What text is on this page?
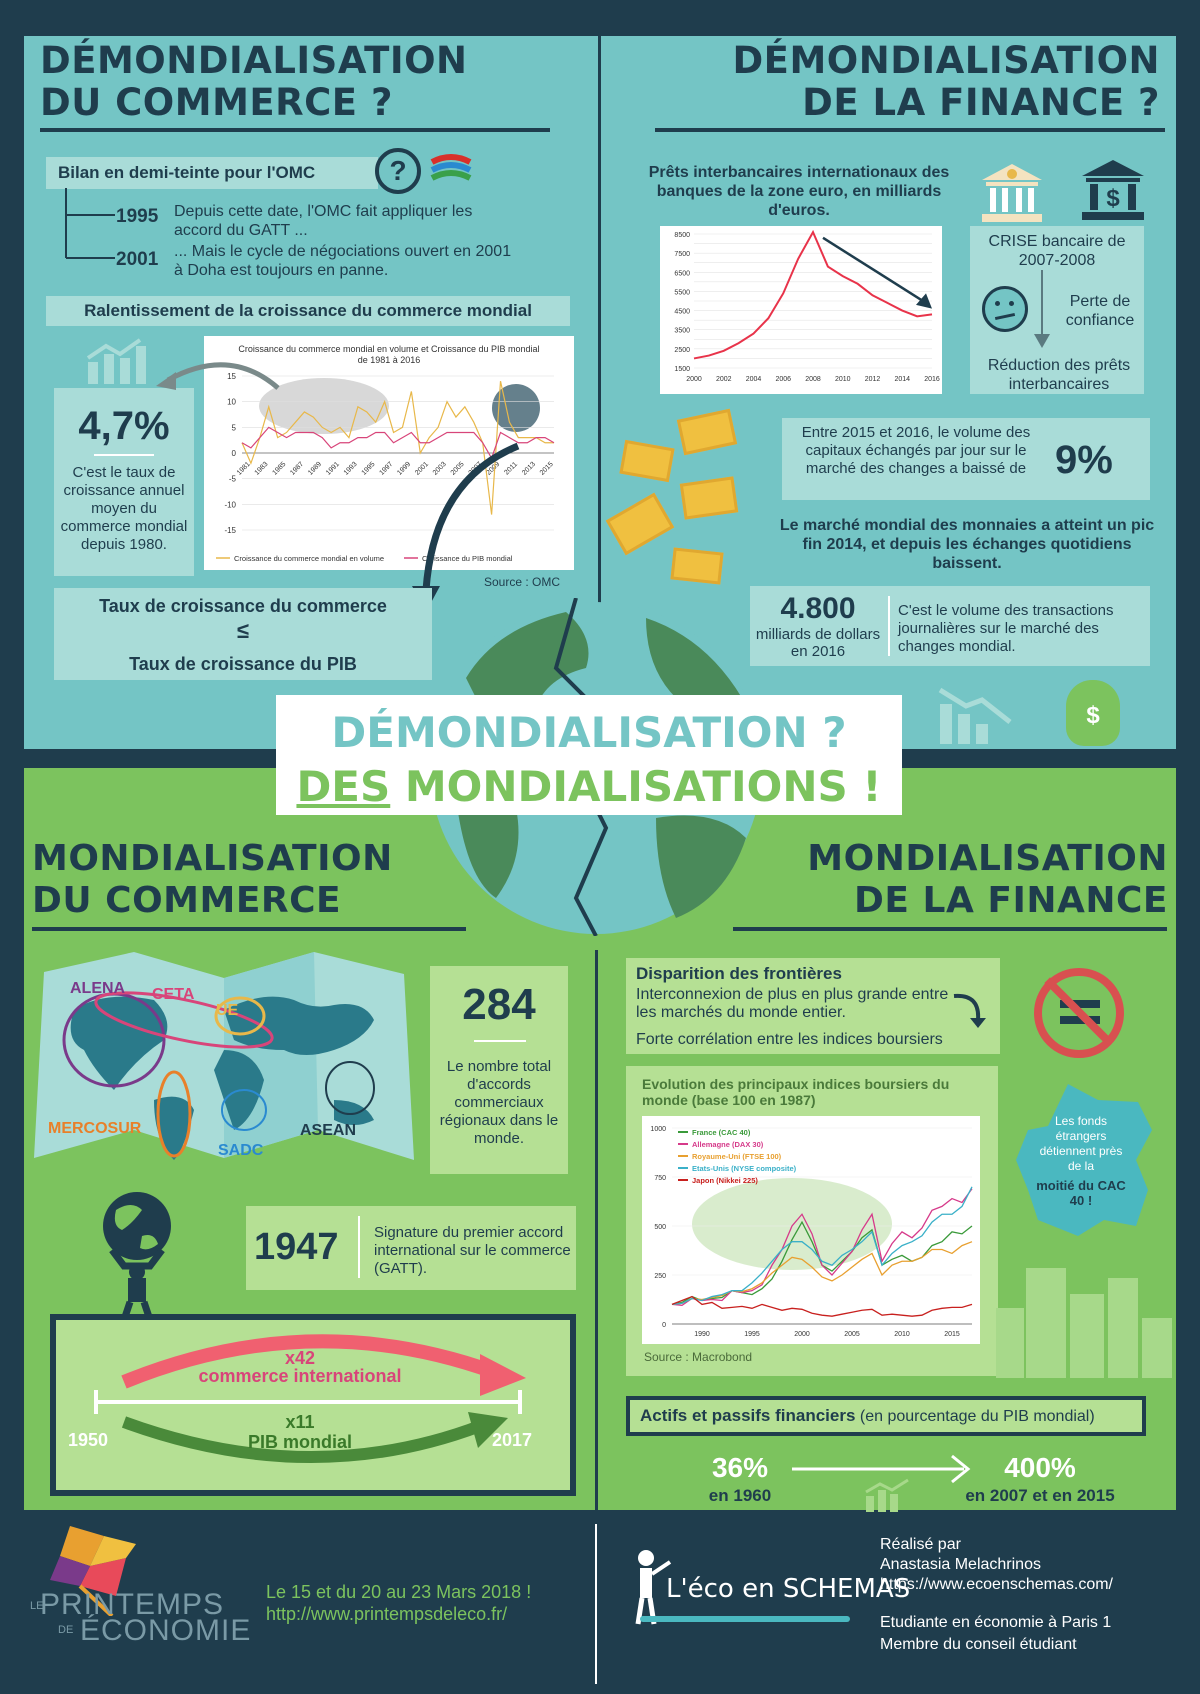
DÉMONDIALISATION
DU COMMERCE ?
DÉMONDIALISATION
DE LA FINANCE ?
Bilan en demi-teinte pour l'OMC	?
1995 Depuis cette date, l'OMC fait appliquer les accord du GATT ...
2001 ... Mais le cycle de négociations ouvert en 2001 à Doha est toujours en panne.
Ralentissement de la croissance du commerce mondial
4,7%
C'est le taux de croissance annuel moyen du commerce mondial depuis 1980.
Croissance du commerce mondial en volume et Croissance du PIB mondial de 1981 à 2016
-15
-10
-5
0
5
10
15
1981 1983 1985 1987 1989 1991 1993 1995 1997 1999 2001 2003 2005 2007 2009 2011 2013 2015
Croissance du commerce mondial en volume	Croissance du PIB mondial
Source : OMC
Taux de croissance du commerce
≤
Taux de croissance du PIB
Prêts interbancaires internationaux des banques de la zone euro, en milliards d'euros.
1500
2500
3500
4500
5500
6500
7500
8500
2000 2002 2004 2006 2008 2010 2012 2014 2016
$
CRISE bancaire de 2007-2008
Perte de confiance
Réduction des prêts interbancaires
Entre 2015 et 2016, le volume des capitaux échangés par jour sur le marché des changes a baissé de 9%
Le marché mondial des monnaies a atteint un pic fin 2014, et depuis les échanges quotidiens baissent.
4.800
milliards de dollars en 2016
C'est le volume des transactions journalières sur le marché des changes mondial.
$
DÉMONDIALISATION ?
DES MONDIALISATIONS !
MONDIALISATION
DU COMMERCE
MONDIALISATION
DE LA FINANCE
ALENA CETA
UE
MERCOSUR
SADC
ASEAN
284
Le nombre total d'accords commerciaux régionaux dans le monde.
1947 Signature du premier accord international sur le commerce (GATT).
x42
commerce international
x11
PIB mondial
1950	2017
Disparition des frontières
Interconnexion de plus en plus grande entre les marchés du monde entier.
Forte corrélation entre les indices boursiers
Evolution des principaux indices boursiers du monde (base 100 en 1987)
0
250
500
750
1000
1990	1995	2000	2005	2010	2015
France (CAC 40)
Allemagne (DAX 30)
Royaume-Uni (FTSE 100)
Etats-Unis (NYSE composite)
Japon (Nikkei 225)
Source : Macrobond
Les fonds étrangers détiennent près de la
moitié du CAC 40 !
Actifs et passifs financiers (en pourcentage du PIB mondial)
36%
en 1960
400%
en 2007 et en 2015
LE
PRINTEMPS
DE ÉCONOMIE
Le 15 et du 20 au 23 Mars 2018 !
http://www.printempsdeleco.fr/
L'éco en SCHEMAS
Réalisé par
Anastasia Melachrinos
https://www.ecoenschemas.com/
Etudiante en économie à Paris 1
Membre du conseil étudiant
